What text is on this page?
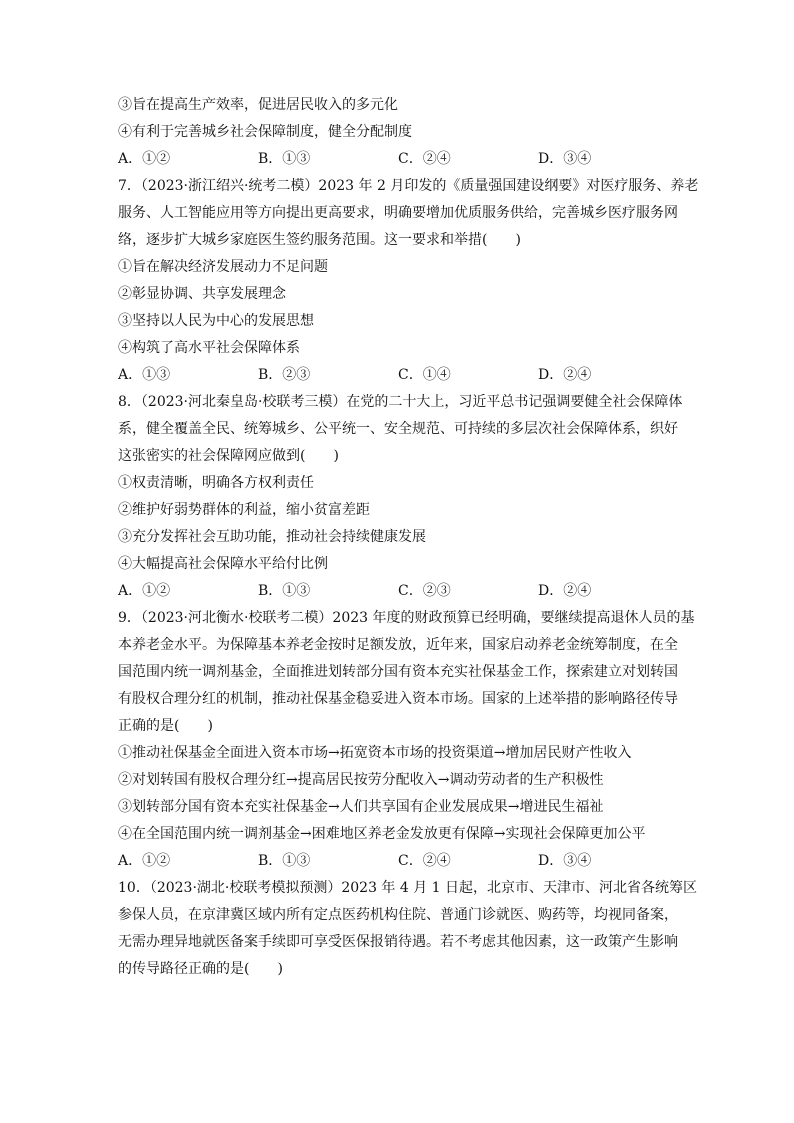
③旨在提高生产效率，促进居民收入的多元化
④有利于完善城乡社会保障制度，健全分配制度
A．①②	B．①③	C．②④	D．③④
7．（2023·浙江绍兴·统考二模）2023 年 2 月印发的《质量强国建设纲要》对医疗服务、养老
服务、人工智能应用等方向提出更高要求，明确要增加优质服务供给，完善城乡医疗服务网
络，逐步扩大城乡家庭医生签约服务范围。这一要求和举措(　　)
①旨在解决经济发展动力不足问题
②彰显协调、共享发展理念
③坚持以人民为中心的发展思想
④构筑了高水平社会保障体系
A．①③	B．②③	C．①④	D．②④
8．（2023·河北秦皇岛·校联考三模）在党的二十大上，习近平总书记强调要健全社会保障体
系，健全覆盖全民、统筹城乡、公平统一、安全规范、可持续的多层次社会保障体系，织好
这张密实的社会保障网应做到(　　)
①权责清晰，明确各方权利责任
②维护好弱势群体的利益，缩小贫富差距
③充分发挥社会互助功能，推动社会持续健康发展
④大幅提高社会保障水平给付比例
A．①②	B．①③	C．②③	D．②④
9．（2023·河北衡水·校联考二模）2023 年度的财政预算已经明确，要继续提高退休人员的基
本养老金水平。为保障基本养老金按时足额发放，近年来，国家启动养老金统筹制度，在全
国范围内统一调剂基金，全面推进划转部分国有资本充实社保基金工作，探索建立对划转国
有股权合理分红的机制，推动社保基金稳妥进入资本市场。国家的上述举措的影响路径传导
正确的是(　　)
①推动社保基金全面进入资本市场→拓宽资本市场的投资渠道→增加居民财产性收入
②对划转国有股权合理分红→提高居民按劳分配收入→调动劳动者的生产积极性
③划转部分国有资本充实社保基金→人们共享国有企业发展成果→增进民生福祉
④在全国范围内统一调剂基金→困难地区养老金发放更有保障→实现社会保障更加公平
A．①②	B．①③	C．②④	D．③④
10．（2023·湖北·校联考模拟预测）2023 年 4 月 1 日起，北京市、天津市、河北省各统筹区
参保人员，在京津冀区域内所有定点医药机构住院、普通门诊就医、购药等，均视同备案，
无需办理异地就医备案手续即可享受医保报销待遇。若不考虑其他因素，这一政策产生影响
的传导路径正确的是(　　)
